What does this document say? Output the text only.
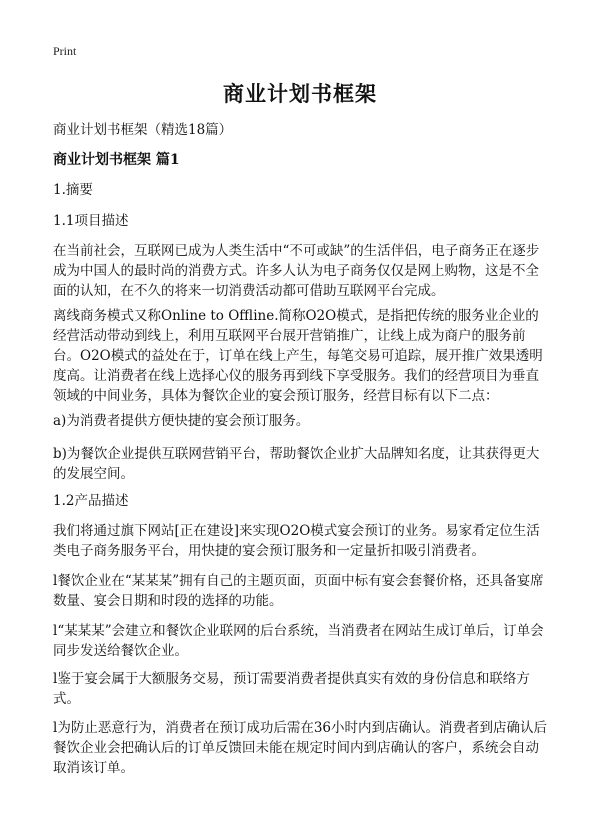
Print
商业计划书框架

商业计划书框架（精选18篇）

商业计划书框架 篇1

1.摘要

1.1项目描述

在当前社会，互联网已成为人类生活中“不可或缺”的生活伴侣，电子商务正在逐步成为中国人的最时尚的消费方式。许多人认为电子商务仅仅是网上购物，这是不全面的认知，在不久的将来一切消费活动都可借助互联网平台完成。

离线商务模式又称Online to Offline.简称O2O模式，是指把传统的服务业企业的经营活动带动到线上，利用互联网平台展开营销推广，让线上成为商户的服务前台。O2O模式的益处在于，订单在线上产生，每笔交易可追踪，展开推广效果透明度高。让消费者在线上选择心仪的服务再到线下享受服务。我们的经营项目为垂直领域的中间业务，具体为餐饮企业的宴会预订服务，经营目标有以下二点：

a)为消费者提供方便快捷的宴会预订服务。

b)为餐饮企业提供互联网营销平台，帮助餐饮企业扩大品牌知名度，让其获得更大的发展空间。

1.2产品描述

我们将通过旗下网站[正在建设]来实现O2O模式宴会预订的业务。易家肴定位生活类电子商务服务平台，用快捷的宴会预订服务和一定量折扣吸引消费者。

l餐饮企业在“某某某”拥有自己的主题页面，页面中标有宴会套餐价格，还具备宴席数量、宴会日期和时段的选择的功能。

l“某某某”会建立和餐饮企业联网的后台系统，当消费者在网站生成订单后，订单会同步发送给餐饮企业。

l鉴于宴会属于大额服务交易，预订需要消费者提供真实有效的身份信息和联络方式。

l为防止恶意行为，消费者在预订成功后需在36小时内到店确认。消费者到店确认后餐饮企业会把确认后的订单反馈回未能在规定时间内到店确认的客户，系统会自动取消该订单。
